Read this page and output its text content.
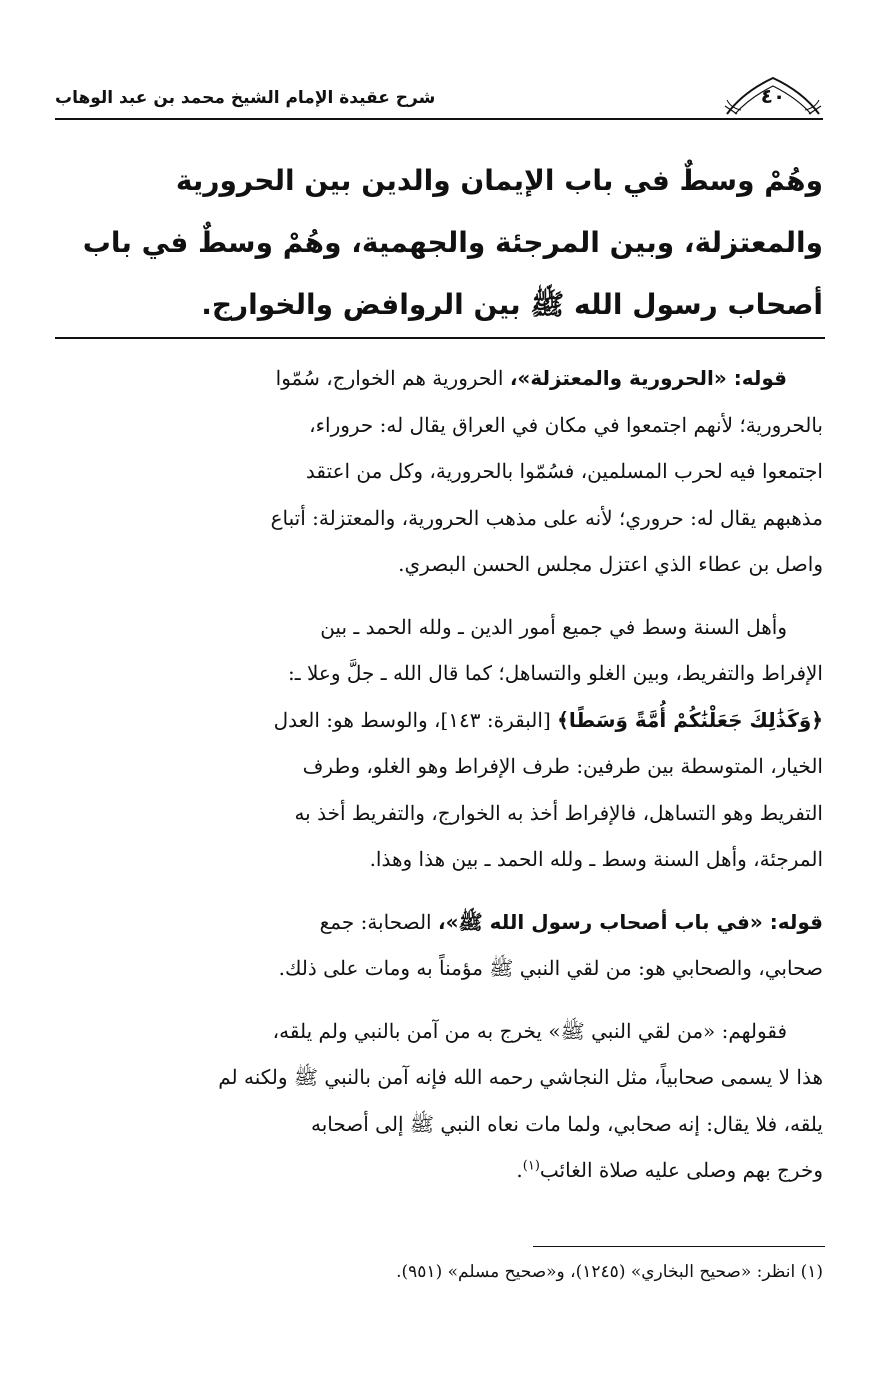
شرح عقيدة الإمام الشيخ محمد بن عبد الوهاب	٤٠
وهُمْ وسطٌ في باب الإيمان والدين بين الحرورية
والمعتزلة، وبين المرجئة والجهمية، وهُمْ وسطٌ في باب
أصحاب رسول الله ﷺ بين الروافض والخوارج.
قوله: «الحرورية والمعتزلة»، الحرورية هم الخوارج، سُمّوا
بالحرورية؛ لأنهم اجتمعوا في مكان في العراق يقال له: حروراء،
اجتمعوا فيه لحرب المسلمين، فسُمّوا بالحرورية، وكل من اعتقد
مذهبهم يقال له: حروري؛ لأنه على مذهب الحرورية، والمعتزلة: أتباع
واصل بن عطاء الذي اعتزل مجلس الحسن البصري.
وأهل السنة وسط في جميع أمور الدين ـ ولله الحمد ـ بين
الإفراط والتفريط، وبين الغلو والتساهل؛ كما قال الله ـ جلَّ وعلا ـ:
﴿وَكَذَٰلِكَ جَعَلْنَٰكُمْ أُمَّةً وَسَطًا﴾ [البقرة: ١٤٣]، والوسط هو: العدل
الخيار، المتوسطة بين طرفين: طرف الإفراط وهو الغلو، وطرف
التفريط وهو التساهل، فالإفراط أخذ به الخوارج، والتفريط أخذ به
المرجئة، وأهل السنة وسط ـ ولله الحمد ـ بين هذا وهذا.
قوله: «في باب أصحاب رسول الله ﷺ»، الصحابة: جمع
صحابي، والصحابي هو: من لقي النبي ﷺ مؤمناً به ومات على ذلك.
فقولهم: «من لقي النبي ﷺ» يخرج به من آمن بالنبي ولم يلقه،
هذا لا يسمى صحابياً، مثل النجاشي رحمه الله فإنه آمن بالنبي ﷺ ولكنه لم
يلقه، فلا يقال: إنه صحابي، ولما مات نعاه النبي ﷺ إلى أصحابه
وخرج بهم وصلى عليه صلاة الغائب$^{(١)}$.
(١) انظر: «صحيح البخاري» (١٢٤٥)، و«صحيح مسلم» (٩٥١).
